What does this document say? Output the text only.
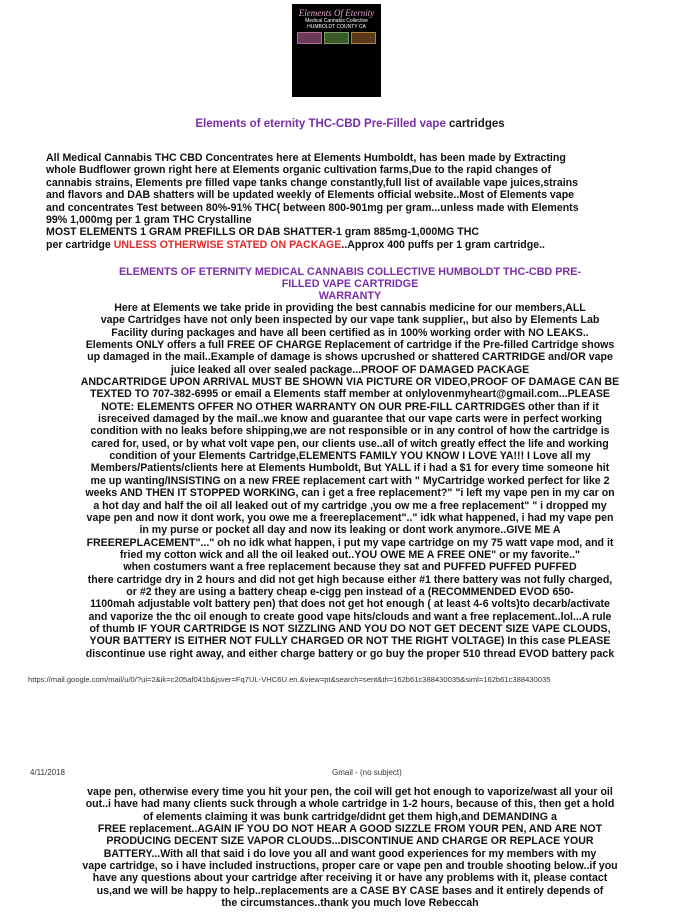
Elements Of Eternity
Medical Cannabis Collective
HUMBOLDT COUNTY CA
Elements of eternity THC-CBD Pre-Filled vape cartridges
All Medical Cannabis THC CBD Concentrates here at Elements Humboldt, has been made by Extracting
whole Budflower grown right here at Elements organic cultivation farms,Due to the rapid changes of
cannabis strains, Elements pre filled vape tanks change constantly,full list of available vape juices,strains
and flavors and DAB shatters will be updated weekly of Elements official website..Most of Elements vape
and concentrates Test between 80%-91% THC( between 800-901mg per gram...unless made with Elements
99% 1,000mg per 1 gram THC Crystalline
MOST ELEMENTS 1 GRAM PREFILLS OR DAB SHATTER-1 gram 885mg-1,000MG THC
per cartridge UNLESS OTHERWISE STATED ON PACKAGE..Approx 400 puffs per 1 gram cartridge..
ELEMENTS OF ETERNITY MEDICAL CANNABIS COLLECTIVE HUMBOLDT THC-CBD PRE-
FILLED VAPE CARTRIDGE
WARRANTY
Here at Elements we take pride in providing the best cannabis medicine for our members,ALL
vape Cartridges have not only been inspected by our vape tank supplier,, but also by Elements Lab
Facility during packages and have all been certified as in 100% working order with NO LEAKS..
Elements ONLY offers a full FREE OF CHARGE Replacement of cartridge if the Pre-filled Cartridge shows
up damaged in the mail..Example of damage is shows upcrushed or shattered CARTRIDGE and/OR vape
juice leaked all over sealed package...PROOF OF DAMAGED PACKAGE
ANDCARTRIDGE UPON ARRIVAL MUST BE SHOWN VIA PICTURE OR VIDEO,PROOF OF DAMAGE CAN BE
TEXTED TO 707-382-6995 or email a Elements staff member at onlylovenmyheart@gmail.com...PLEASE
NOTE: ELEMENTS OFFER NO OTHER WARRANTY ON OUR PRE-FILL CARTRIDGES other than if it
isreceived damaged by the mail..we know and guarantee that our vape carts were in perfect working
condition with no leaks before shipping,we are not responsible or in any control of how the cartridge is
cared for, used, or by what volt vape pen, our clients use..all of witch greatly effect the life and working
condition of your Elements Cartridge,ELEMENTS FAMILY YOU KNOW I LOVE YA!!! I Love all my
Members/Patients/clients here at Elements Humboldt, But YALL if i had a $1 for every time someone hit
me up wanting/INSISTING on a new FREE replacement cart with " MyCartridge worked perfect for like 2
weeks AND THEN IT STOPPED WORKING, can i get a free replacement?" "i left my vape pen in my car on
a hot day and half the oil all leaked out of my cartridge ,you ow me a free replacement" " i dropped my
vape pen and now it dont work, you owe me a freereplacement".." idk what happened, i had my vape pen
in my purse or pocket all day and now its leaking or dont work anymore..GIVE ME A
FREEREPLACEMENT"..." oh no idk what happen, i put my vape cartridge on my 75 watt vape mod, and it
fried my cotton wick and all the oil leaked out..YOU OWE ME A FREE ONE" or my favorite.."
when costumers want a free replacement because they sat and PUFFED PUFFED PUFFED
there cartridge dry in 2 hours and did not get high because either #1 there battery was not fully charged,
or #2 they are using a battery cheap e-cigg pen instead of a (RECOMMENDED EVOD 650-
1100mah adjustable volt battery pen) that does not get hot enough ( at least 4-6 volts)to decarb/activate
and vaporize the thc oil enough to create good vape hits/clouds and want a free replacement..lol...A rule
of thumb IF YOUR CARTRIDGE IS NOT SIZZLING AND YOU DO NOT GET DECENT SIZE VAPE CLOUDS,
YOUR BATTERY IS EITHER NOT FULLY CHARGED OR NOT THE RIGHT VOLTAGE) In this case PLEASE
discontinue use right away, and either charge battery or go buy the proper 510 thread EVOD battery pack
https://mail.google.com/mail/u/0/?ui=2&ik=c205af041b&jsver=Fq7UL-VHC6U.en.&view=pt&search=sent&th=162b61c388430035&siml=162b61c388430035
4/11/2018	Gmail - (no subject)
vape pen, otherwise every time you hit your pen, the coil will get hot enough to vaporize/wast all your oil
out..i have had many clients suck through a whole cartridge in 1-2 hours, because of this, then get a hold
of elements claiming it was bunk cartridge/didnt get them high,and DEMANDING a
FREE replacement..AGAIN IF YOU DO NOT HEAR A GOOD SIZZLE FROM YOUR PEN, AND ARE NOT
PRODUCING DECENT SIZE VAPOR CLOUDS...DISCONTINUE AND CHARGE OR REPLACE YOUR
BATTERY...With all that said i do love you all and want good experiences for my members with my
vape cartridge, so i have included instructions, proper care or vape pen and trouble shooting below..if you
have any questions about your cartridge after receiving it or have any problems with it, please contact
us,and we will be happy to help..replacements are a CASE BY CASE bases and it entirely depends of
the circumstances..thank you much love Rebeccah
